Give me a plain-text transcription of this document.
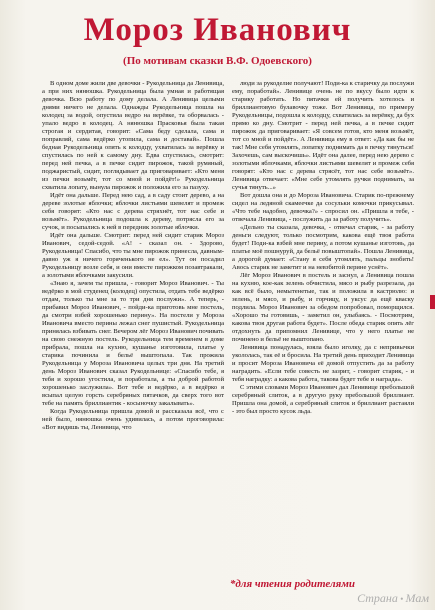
Мороз Иванович
(По мотивам сказки В.Ф. Одоевского)

В одном доме жили две девочки - Рукодельница да Ленивица, а при них нянюшка. Рукодельница была умная и работящая девочка. Всю работу по дому делала. А Ленивица целыми днями ничего не делала. Однажды Рукодельница пошла на колодец за водой, опустила ведро на верёвке, та оборвалась - упало ведро в колодец. А нянюшка Прасковья была такая строгая и сердитая, говорит: «Сама беду сделала, сама и поправляй, сама ведёрко утопила, сама и доставай». Пошла бедная Рукодельница опять к колодцу, ухватилась за верёвку и спустилась по ней к самому дну. Едва спустилась, смотрит: перед ней печка, а в печке сидит пирожок, такой румяный, поджаристый, сидит, поглядывает да приговаривает: «Кто меня из печки возьмёт, тот со мной и пойдёт!» Рукодельница схватила лопату, вынула пирожок и положила его за пазуху.

Идёт она дальше. Перед нею сад, а в саду стоит дерево, а на дереве золотые яблочки; яблочки листьями шевелят и промеж себя говорят: «Кто нас с дерева стряхнёт, тот нас себе и возьмёт». Рукодельница подошла к дереву, потрясла его за сучок, и посыпались к ней в передник золотые яблочки.

Идёт она дальше. Смотрит: перед ней сидит старик Мороз Иванович, седой-седой. «А! - сказал он. - Здорово, Рукодельница! Спасибо, что ты мне пирожок принесла, давным-давно уж я ничего горяченького не ел». Тут он посадил Рукодельницу возле себя, и они вместе пирожком позавтракали, а золотыми яблочками закусили.

«Знаю я, зачем ты пришла, - говорит Мороз Иванович. - Ты ведёрко в мой студенец (колодец) опустила, отдать тебе ведёрко отдам, только ты мне за то три дня послужи». А теперь, - прибавил Мороз Иванович, - пойди-ка приготовь мне постель, да смотри взбей хорошенько перину». На постели у Мороза Ивановича вместо перины лежал снег пушистый. Рукодельница принялась взбивать снег. Вечером лёг Мороз Иванович почивать на свою снежную постель. Рукодельница тем временем в доме прибрала, пошла на кухню, кушанье изготовила, платье у старика починила и бельё выштопала. Так прожила Рукодельница у Мороза Ивановича целых три дня. На третий день Мороз Иванович сказал Рукодельнице: «Спасибо тебе, я тебя и хорошо угостила, и поработала, а ты доброй работой хорошенько заслужила». Вот тебе и ведёрко, а в ведёрко я всыпал целую горсть серебряных пятачков, да сверх того вот тебе на память бриллиантик - косыночку закалывать».

Когда Рукодельница пришла домой и рассказала всё, что с ней было, нянюшка очень удивилась, а потом проговорила: «Вот видишь ты, Ленивица, что

люди за рукоделие получают! Поди-ка к старичку да послужи ему, поработай». Ленивице очень не по вкусу было идти к старику работать. Но пятачки ей получить хотелось и бриллиантовую булавочку тоже. Вот Ленивица, по примеру Рукодельницы, подошла к колодцу, схватилась за верёвку, да бух прямо ко дну. Смотрит - перед ней печка, а в печке сидит пирожок да приговаривает: «Я совсем готов, кто меня возьмёт, тот со мной и пойдёт». А Ленивица ему в ответ: «Да как бы не так! Мне себя утомлять, лопатку поднимать да в печку тянуться! Захочешь, сам выскочишь». Идёт она далее, перед нею дерево с золотыми яблочками, яблочки листьями шевелят и промеж себя говорят: «Кто нас с дерева стрясёт, тот нас себе возьмёт». Ленивица отвечает: «Мне себе утомлять ручки поднимать, за сучья тянуть...»

Вот дошла она и до Мороза Ивановича. Старик по-прежнему сидел на ледяной скамеечке да сосульки комочки прикусывал. «Что тебе надобно, девочка?» - спросил он. «Пришла я тебе, - отвечала Ленивица, - послужить да за работу получить».

«Дельно ты сказала, девочка, - отвечал старик, - за работу деньги следуют, только посмотрим, какова ещё твоя работа будет! Поди-ка взбей мне перину, а потом кушанье изготовь, да платье моё пошнуруй, да бельё повыштопай». Пошла Ленивица, а дорогой думает: «Стану я себя утомлять, пальцы знобить! Авось старик не заметит и на невзбитой перине уснёт».

Лёг Мороз Иванович в постель и заснул, а Ленивица пошла на кухню, кое-как зелень обчистила, мясо и рыбу разрезала, да как всё было, немытенетые, так и положила в кастрюлю: и зелень, и мясо, и рыбу, и горчицу, и уксус да ещё кваску подлила. Мороз Иванович за обедом попробовал, поморщился. «Хорошо ты готовишь, - заметил он, улыбаясь. - Посмотрим, какова твоя другая работа будет». После обеда старик опять лёг отдохнуть да припомнил Ленивице, что у него платье не починено и бельё не выштопано.

Ленивица понадулась, взяла было иголку, да с непривычки укололась, так её и бросила. На третий день приходит Ленивица и просит Мороза Ивановича её домой отпустить да за работу наградить. «Если тебе совесть не зазрит, - говорит старик, - и тебя наградку: а какова работа, такова будет тебе и награда».

С этими словами Мороз Иванович дал Ленивице пребольшой серебряный слиток, а в другую руку пребольшой бриллиант. Пришла она домой, а серебряный слиток и бриллиант растаяли - это был просто кусок льда.

*для чтения родителями
Страна • Мам
